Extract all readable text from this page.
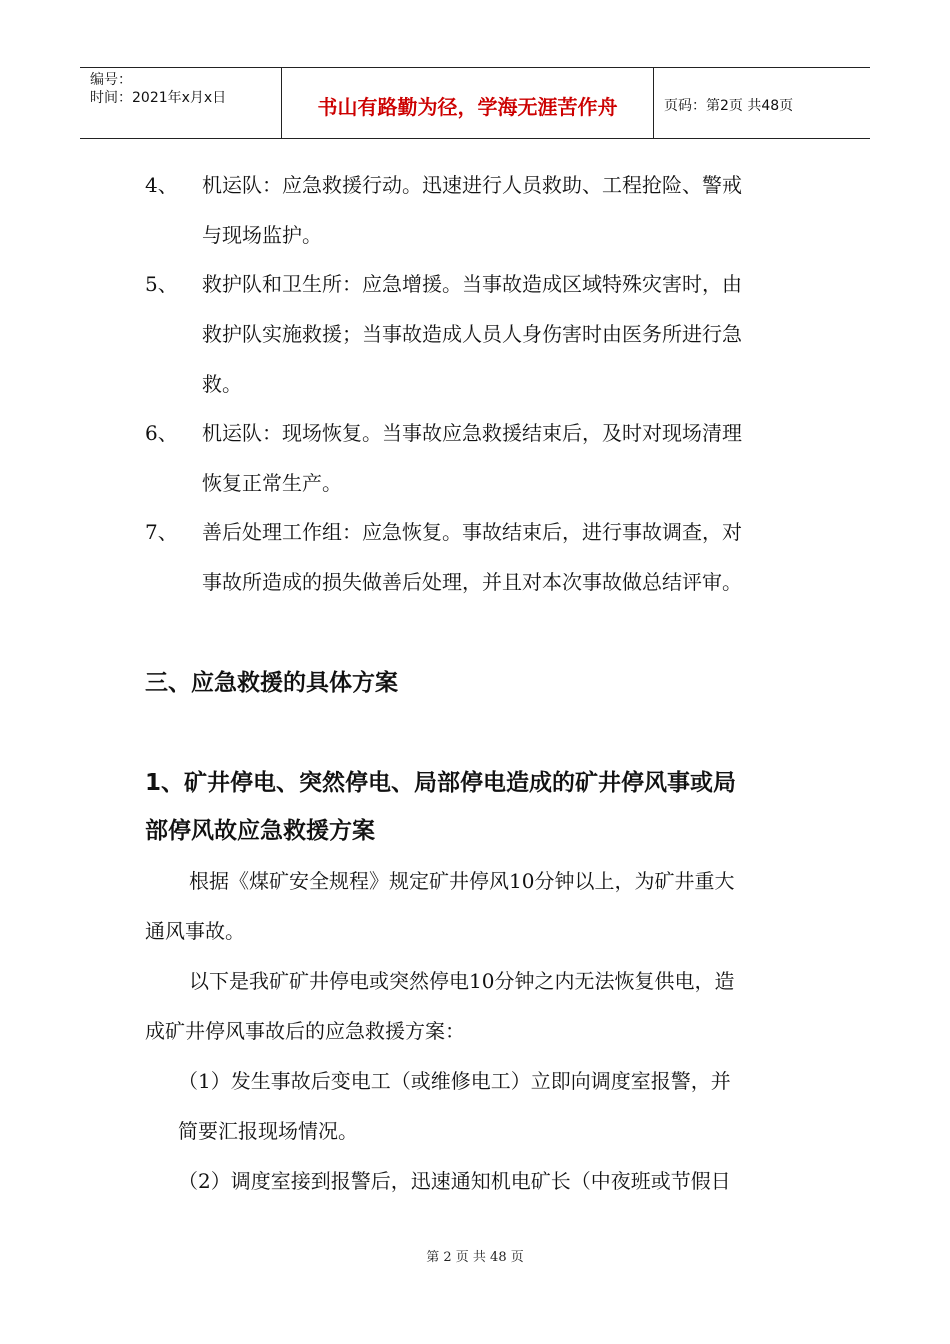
编号：
时间：2021年x月x日	书山有路勤为径，学海无涯苦作舟	页码：第2页 共48页
4、	机运队：应急救援行动。迅速进行人员救助、工程抢险、警戒
与现场监护。
5、	救护队和卫生所：应急增援。当事故造成区域特殊灾害时，由
救护队实施救援；当事故造成人员人身伤害时由医务所进行急
救。
6、	机运队：现场恢复。当事故应急救援结束后，及时对现场清理
恢复正常生产。
7、	善后处理工作组：应急恢复。事故结束后，进行事故调查，对
事故所造成的损失做善后处理，并且对本次事故做总结评审。
三、应急救援的具体方案
1、矿井停电、突然停电、局部停电造成的矿井停风事或局
部停风故应急救援方案
根据《煤矿安全规程》规定矿井停风10分钟以上，为矿井重大
通风事故。
以下是我矿矿井停电或突然停电10分钟之内无法恢复供电，造
成矿井停风事故后的应急救援方案：
（1）发生事故后变电工（或维修电工）立即向调度室报警，并
简要汇报现场情况。
（2）调度室接到报警后，迅速通知机电矿长（中夜班或节假日
第 2 页 共 48 页
